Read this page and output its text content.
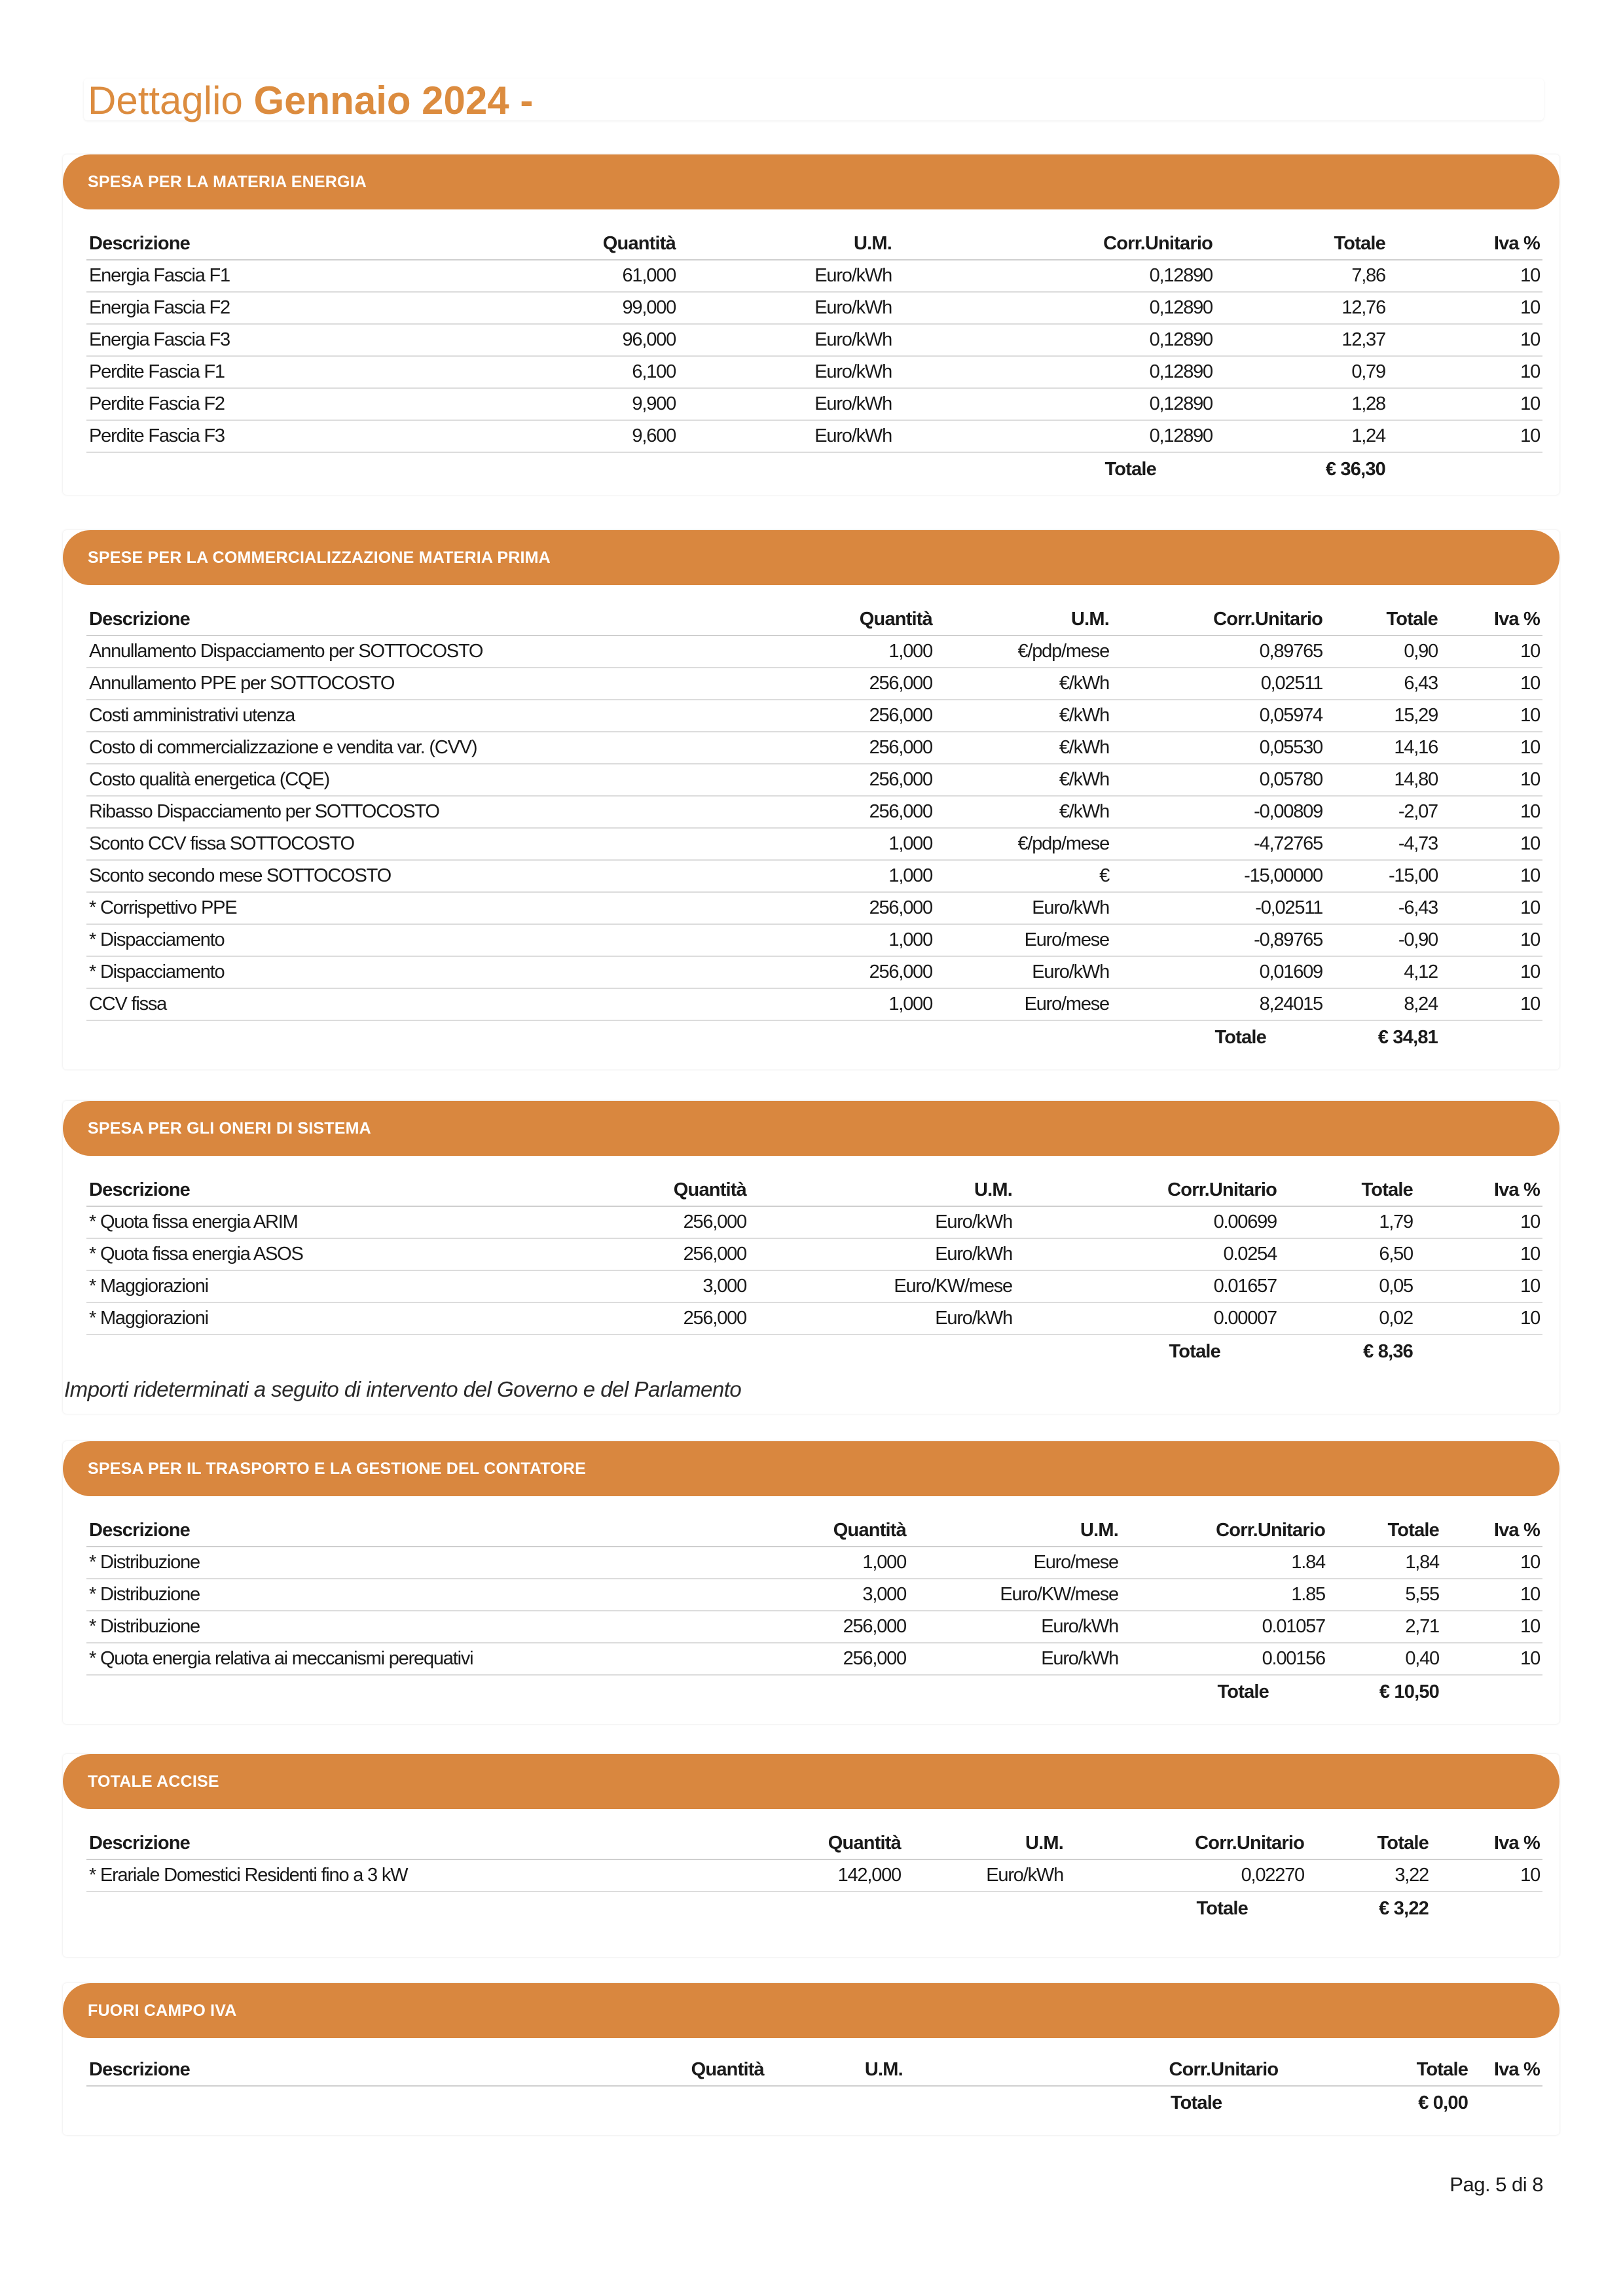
Dettaglio Gennaio 2024 -
SPESA PER LA MATERIA ENERGIA
Descrizione	Quantità	U.M.	Corr.Unitario	Totale	Iva %
Energia Fascia F1	61,000	Euro/kWh	0,12890	7,86	10
Energia Fascia F2	99,000	Euro/kWh	0,12890	12,76	10
Energia Fascia F3	96,000	Euro/kWh	0,12890	12,37	10
Perdite Fascia F1	6,100	Euro/kWh	0,12890	0,79	10
Perdite Fascia F2	9,900	Euro/kWh	0,12890	1,28	10
Perdite Fascia F3	9,600	Euro/kWh	0,12890	1,24	10
			Totale	€ 36,30	
SPESE PER LA COMMERCIALIZZAZIONE MATERIA PRIMA
Descrizione	Quantità	U.M.	Corr.Unitario	Totale	Iva %
Annullamento Dispacciamento per SOTTOCOSTO	1,000	€/pdp/mese	0,89765	0,90	10
Annullamento PPE per SOTTOCOSTO	256,000	€/kWh	0,02511	6,43	10
Costi amministrativi utenza	256,000	€/kWh	0,05974	15,29	10
Costo di commercializzazione e vendita var. (CVV)	256,000	€/kWh	0,05530	14,16	10
Costo qualità energetica (CQE)	256,000	€/kWh	0,05780	14,80	10
Ribasso Dispacciamento per SOTTOCOSTO	256,000	€/kWh	-0,00809	-2,07	10
Sconto CCV fissa SOTTOCOSTO	1,000	€/pdp/mese	-4,72765	-4,73	10
Sconto secondo mese SOTTOCOSTO	1,000	€	-15,00000	-15,00	10
* Corrispettivo PPE	256,000	Euro/kWh	-0,02511	-6,43	10
* Dispacciamento	1,000	Euro/mese	-0,89765	-0,90	10
* Dispacciamento	256,000	Euro/kWh	0,01609	4,12	10
CCV fissa	1,000	Euro/mese	8,24015	8,24	10
			Totale	€ 34,81	
SPESA PER GLI ONERI DI SISTEMA
Descrizione	Quantità	U.M.	Corr.Unitario	Totale	Iva %
* Quota fissa energia ARIM	256,000	Euro/kWh	0.00699	1,79	10
* Quota fissa energia ASOS	256,000	Euro/kWh	0.0254	6,50	10
* Maggiorazioni	3,000	Euro/KW/mese	0.01657	0,05	10
* Maggiorazioni	256,000	Euro/kWh	0.00007	0,02	10
			Totale	€ 8,36	
Importi rideterminati a seguito di intervento del Governo e del Parlamento
SPESA PER IL TRASPORTO E LA GESTIONE DEL CONTATORE
Descrizione	Quantità	U.M.	Corr.Unitario	Totale	Iva %
* Distribuzione	1,000	Euro/mese	1.84	1,84	10
* Distribuzione	3,000	Euro/KW/mese	1.85	5,55	10
* Distribuzione	256,000	Euro/kWh	0.01057	2,71	10
* Quota energia relativa ai meccanismi perequativi	256,000	Euro/kWh	0.00156	0,40	10
			Totale	€ 10,50	
TOTALE ACCISE
Descrizione	Quantità	U.M.	Corr.Unitario	Totale	Iva %
* Erariale Domestici Residenti fino a 3 kW	142,000	Euro/kWh	0,02270	3,22	10
			Totale	€ 3,22	
FUORI CAMPO IVA
Descrizione	Quantità	U.M.	Corr.Unitario	Totale	Iva %
			Totale	€ 0,00	
Pag. 5 di 8
